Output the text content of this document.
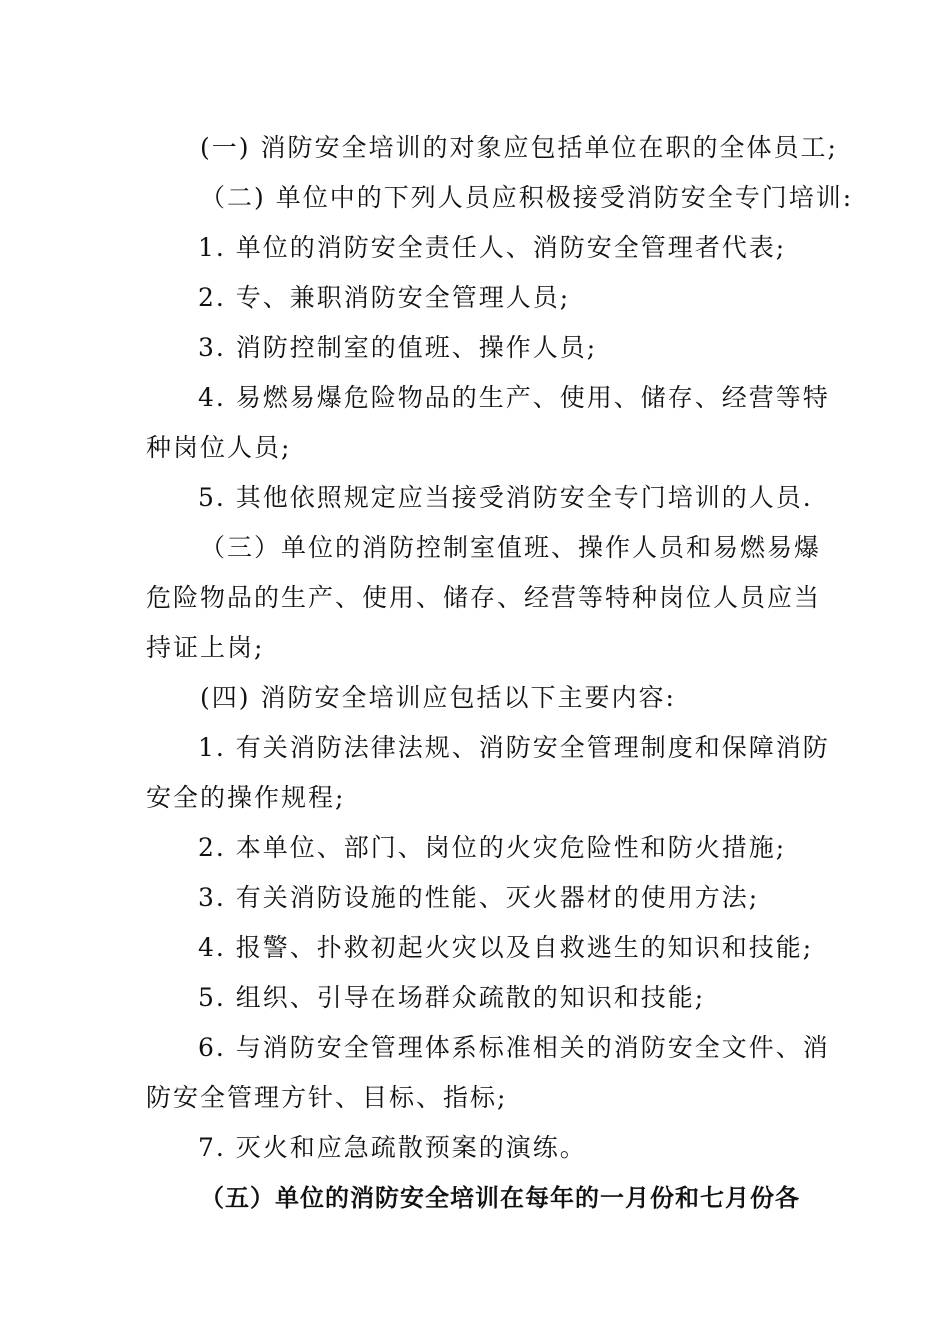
(一) 消防安全培训的对象应包括单位在职的全体员工;
（二) 单位中的下列人员应积极接受消防安全专门培训:
1. 单位的消防安全责任人、消防安全管理者代表;
2. 专、兼职消防安全管理人员;
3. 消防控制室的值班、操作人员;
4. 易燃易爆危险物品的生产、使用、储存、经营等特
种岗位人员;
5. 其他依照规定应当接受消防安全专门培训的人员.
（三）单位的消防控制室值班、操作人员和易燃易爆
危险物品的生产、使用、储存、经营等特种岗位人员应当
持证上岗;
(四) 消防安全培训应包括以下主要内容:
1. 有关消防法律法规、消防安全管理制度和保障消防
安全的操作规程;
2. 本单位、部门、岗位的火灾危险性和防火措施;
3. 有关消防设施的性能、灭火器材的使用方法;
4. 报警、扑救初起火灾以及自救逃生的知识和技能;
5. 组织、引导在场群众疏散的知识和技能;
6. 与消防安全管理体系标准相关的消防安全文件、消
防安全管理方针、目标、指标;
7. 灭火和应急疏散预案的演练。
（五）单位的消防安全培训在每年的一月份和七月份各
